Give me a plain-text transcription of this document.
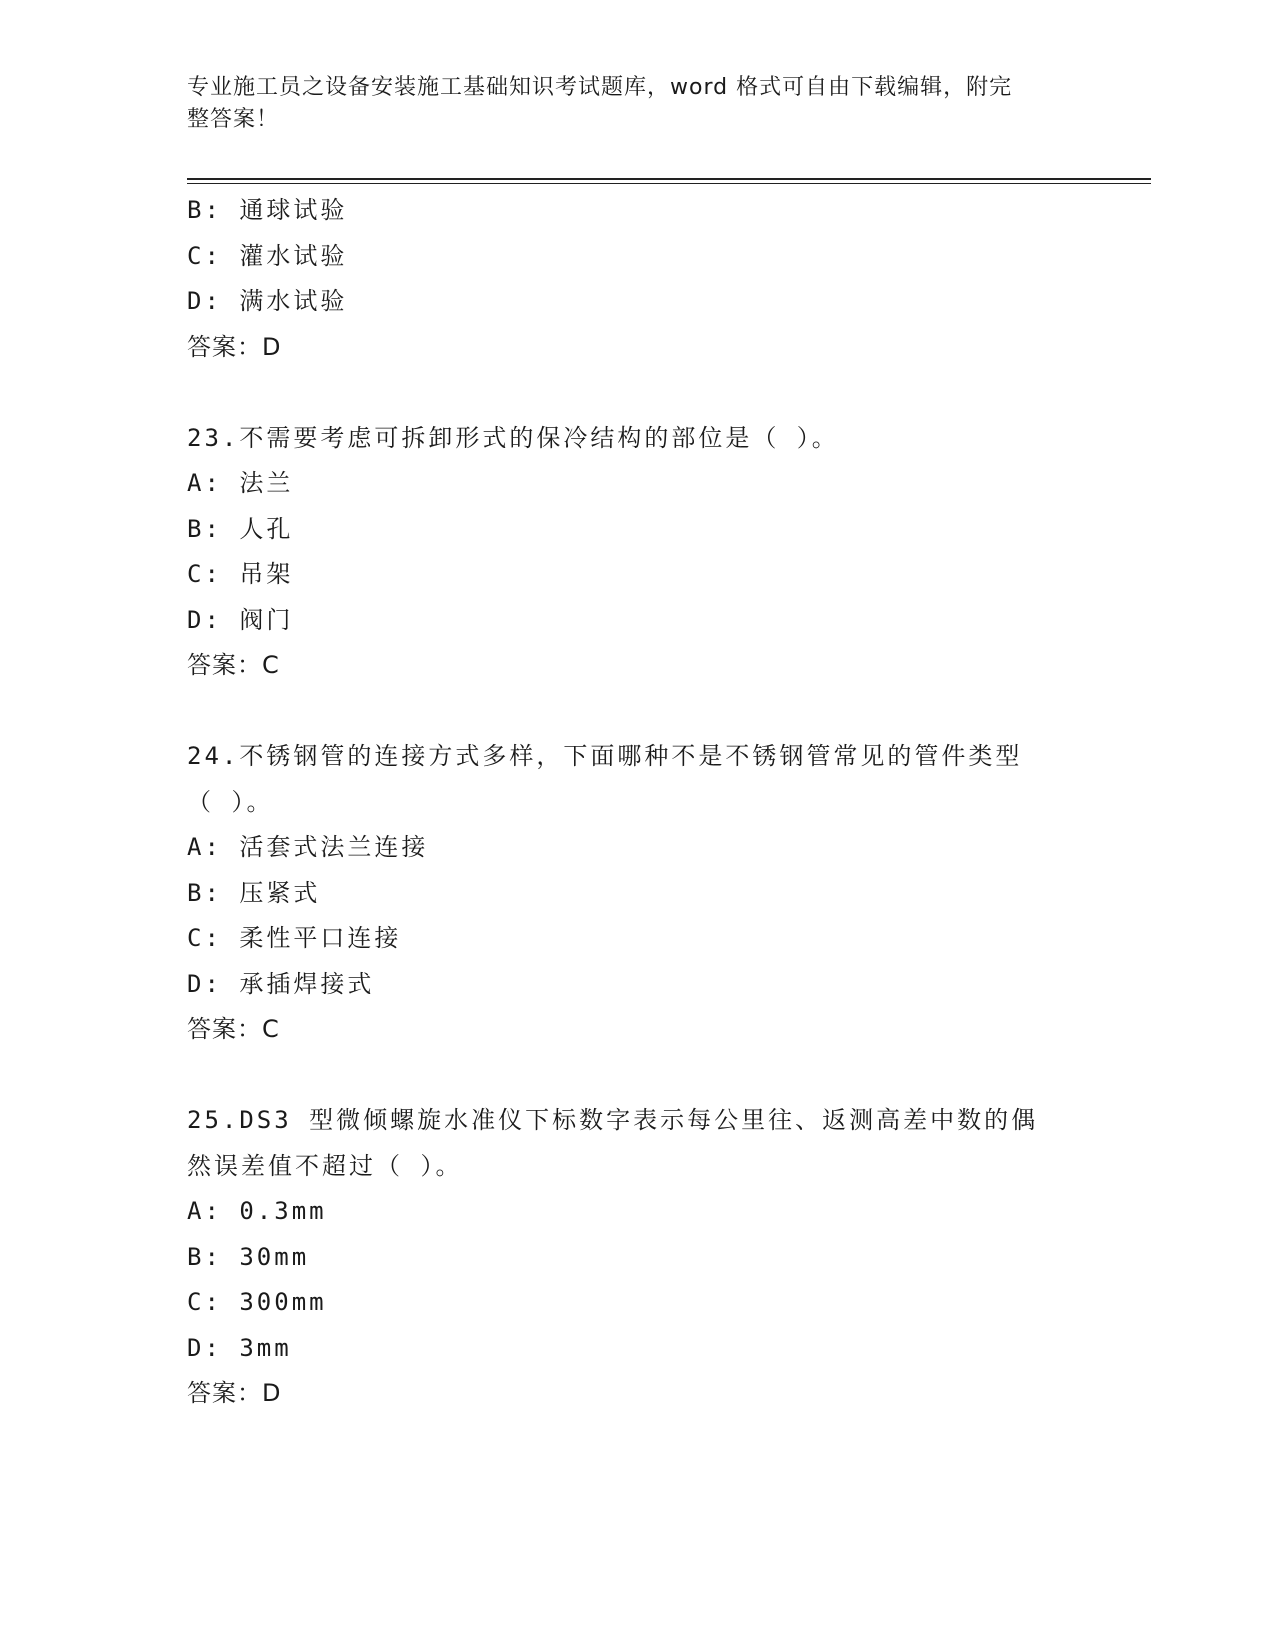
专业施工员之设备安装施工基础知识考试题库，word 格式可自由下载编辑，附完
整答案！
B: 通球试验
C: 灌水试验
D: 满水试验
答案：D
23.不需要考虑可拆卸形式的保冷结构的部位是（ ）。
A: 法兰
B: 人孔
C: 吊架
D: 阀门
答案：C
24.不锈钢管的连接方式多样，下面哪种不是不锈钢管常见的管件类型
（ ）。
A: 活套式法兰连接
B: 压紧式
C: 柔性平口连接
D: 承插焊接式
答案：C
25.DS3 型微倾螺旋水准仪下标数字表示每公里往、返测高差中数的偶
然误差值不超过（ ）。
A: 0.3mm
B: 30mm
C: 300mm
D: 3mm
答案：D
